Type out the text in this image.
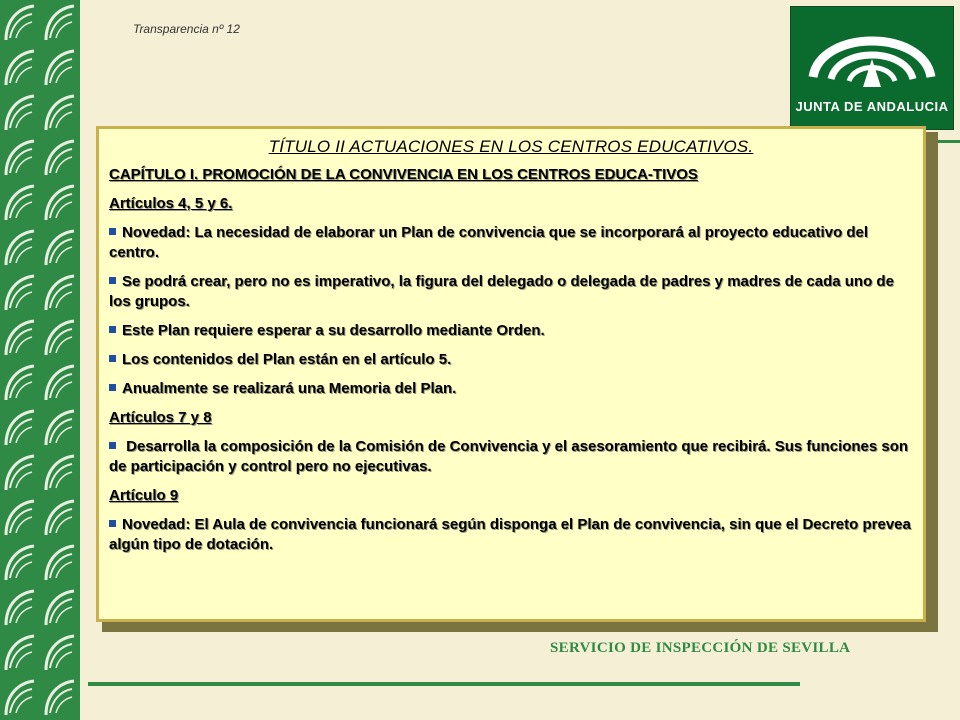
Transparencia nº 12
JUNTA DE ANDALUCIA
TÍTULO II ACTUACIONES EN LOS CENTROS EDUCATIVOS.

CAPÍTULO I. PROMOCIÓN DE LA CONVIVENCIA EN LOS CENTROS EDUCA-TIVOS

Artículos 4, 5 y 6.

Novedad: La necesidad de elaborar un Plan de convivencia que se incorporará al proyecto educativo del centro.

Se podrá crear, pero no es imperativo, la figura del delegado o delegada de padres y madres de cada uno de los grupos.

Este Plan requiere esperar a su desarrollo mediante Orden.

Los contenidos del Plan están en el artículo 5.

Anualmente se realizará una Memoria del Plan.

Artículos 7 y 8

Desarrolla la composición de la Comisión de Convivencia y el asesoramiento que recibirá. Sus funciones son de participación y control pero no ejecutivas.

Artículo 9

Novedad: El Aula de convivencia funcionará según disponga el Plan de convivencia, sin que el Decreto prevea algún tipo de dotación.

SERVICIO DE INSPECCIÓN DE SEVILLA
